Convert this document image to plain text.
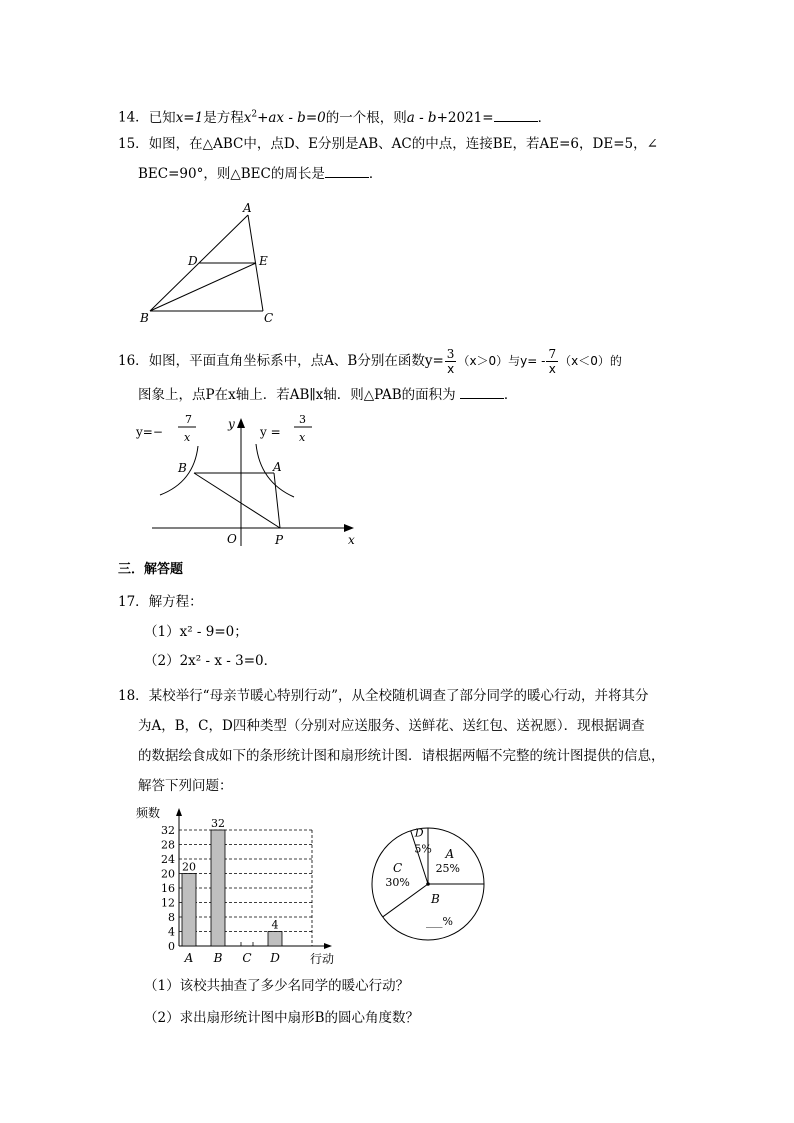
14．已知x=1是方程$x^2+ax - b=0$的一个根，则a - b+2021=	．
15．如图，在△ABC中，点D、E分别是AB、AC的中点，连接BE，若AE=6，DE=5，∠
BEC=90°，则△BEC的周长是	．
A
D	E
B	C
16．如图，平面直角坐标系中，点A、B分别在函数$y= \frac{3}{x} (x>0)$与$y= - \frac{7}{x} (x<0)$的
图象上，点P在x轴上．若AB∥x轴．则△PAB的面积为	．
B	A
O	P	x
y
y=−
7
x	y =
3
x
三．解答题
17．解方程：
（1）x² - 9=0；
（2）2x² - x - 3=0．
18．某校举行“母亲节暖心特别行动”，从全校随机调查了部分同学的暖心行动，并将其分
为A，B，C，D四种类型（分别对应送服务、送鲜花、送红包、送祝愿）．现根据调查
的数据绘食成如下的条形统计图和扇形统计图．请根据两幅不完整的统计图提供的信息，
解答下列问题：
频数
行动
0
4
8
12
16
20
24
28
32
20
A
32
B C
4
D
A
25%
B
___%
C
30%
D
5%
（1）该校共抽查了多少名同学的暖心行动？
（2）求出扇形统计图中扇形B的圆心角度数？
